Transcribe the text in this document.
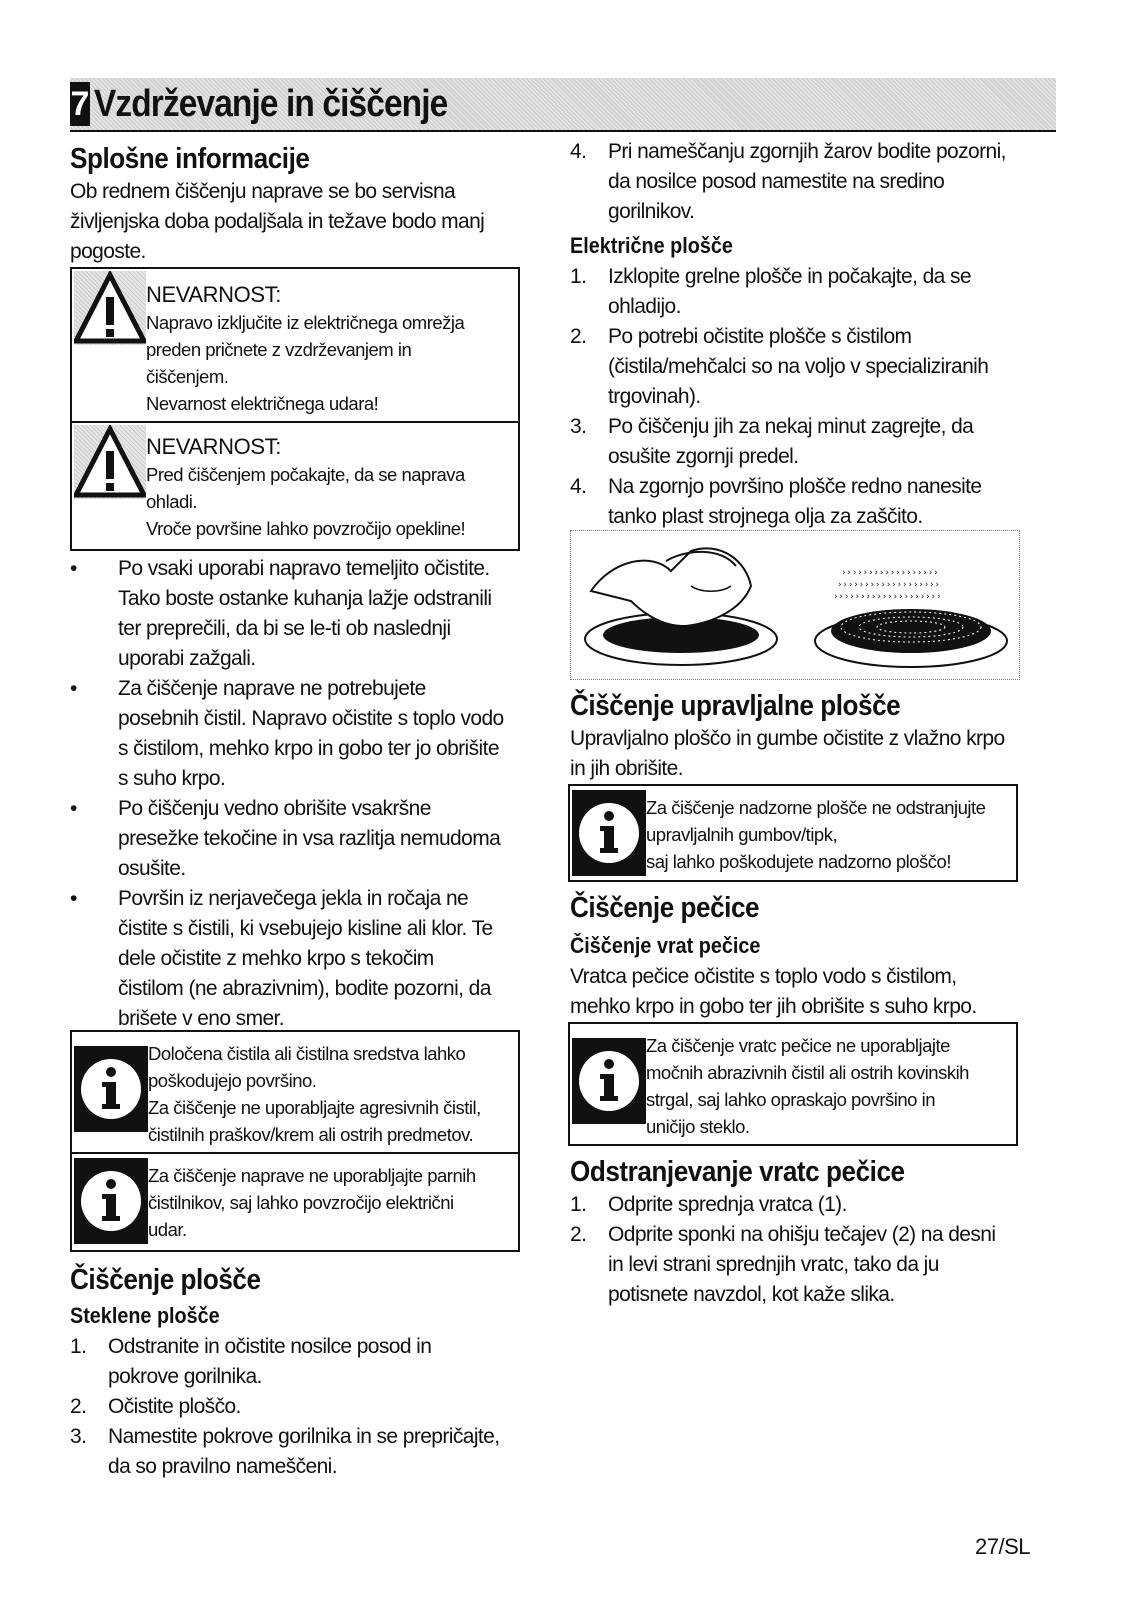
7 Vzdrževanje in čiščenje
Splošne informacije
Ob rednem čiščenju naprave se bo servisna življenjska doba podaljšala in težave bodo manj pogoste.
NEVARNOST:
Napravo izključite iz električnega omrežja
preden pričnete z vzdrževanjem in
čiščenjem.
Nevarnost električnega udara!
NEVARNOST:
Pred čiščenjem počakajte, da se naprava
ohladi.
Vroče površine lahko povzročijo opekline!
• Po vsaki uporabi napravo temeljito očistite.
Tako boste ostanke kuhanja lažje odstranili
ter preprečili, da bi se le-ti ob naslednji
uporabi zažgali.
• Za čiščenje naprave ne potrebujete
posebnih čistil. Napravo očistite s toplo vodo
s čistilom, mehko krpo in gobo ter jo obrišite
s suho krpo.
• Po čiščenju vedno obrišite vsakršne
presežke tekočine in vsa razlitja nemudoma
osušite.
• Površin iz nerjavečega jekla in ročaja ne
čistite s čistili, ki vsebujejo kisline ali klor. Te
dele očistite z mehko krpo s tekočim
čistilom (ne abrazivnim), bodite pozorni, da
brišete v eno smer.
Določena čistila ali čistilna sredstva lahko
poškodujejo površino.
Za čiščenje ne uporabljajte agresivnih čistil,
čistilnih praškov/krem ali ostrih predmetov.
Za čiščenje naprave ne uporabljajte parnih
čistilnikov, saj lahko povzročijo električni
udar.
Čiščenje plošče
Steklene plošče
1. Odstranite in očistite nosilce posod in
pokrove gorilnika.
2. Očistite ploščo.
3. Namestite pokrove gorilnika in se prepričajte,
da so pravilno nameščeni.
4. Pri nameščanju zgornjih žarov bodite pozorni,
da nosilce posod namestite na sredino
gorilnikov.
Električne plošče
1. Izklopite grelne plošče in počakajte, da se
ohladijo.
2. Po potrebi očistite plošče s čistilom
(čistila/mehčalci so na voljo v specializiranih
trgovinah).
3. Po čiščenju jih za nekaj minut zagrejte, da
osušite zgornji predel.
4. Na zgornjo površino plošče redno nanesite
tanko plast strojnega olja za zaščito.
››››››››››››››››››
›››››››››››››››››››
››››››››››››››››››››
Čiščenje upravljalne plošče
Upravljalno ploščo in gumbe očistite z vlažno krpo
in jih obrišite.
Za čiščenje nadzorne plošče ne odstranjujte
upravljalnih gumbov/tipk,
saj lahko poškodujete nadzorno ploščo!
Čiščenje pečice
Čiščenje vrat pečice
Vratca pečice očistite s toplo vodo s čistilom,
mehko krpo in gobo ter jih obrišite s suho krpo.
Za čiščenje vratc pečice ne uporabljajte
močnih abrazivnih čistil ali ostrih kovinskih
strgal, saj lahko opraskajo površino in
uničijo steklo.
Odstranjevanje vratc pečice
1. Odprite sprednja vratca (1).
2. Odprite sponki na ohišju tečajev (2) na desni
in levi strani sprednjih vratc, tako da ju
potisnete navzdol, kot kaže slika.
27/SL
